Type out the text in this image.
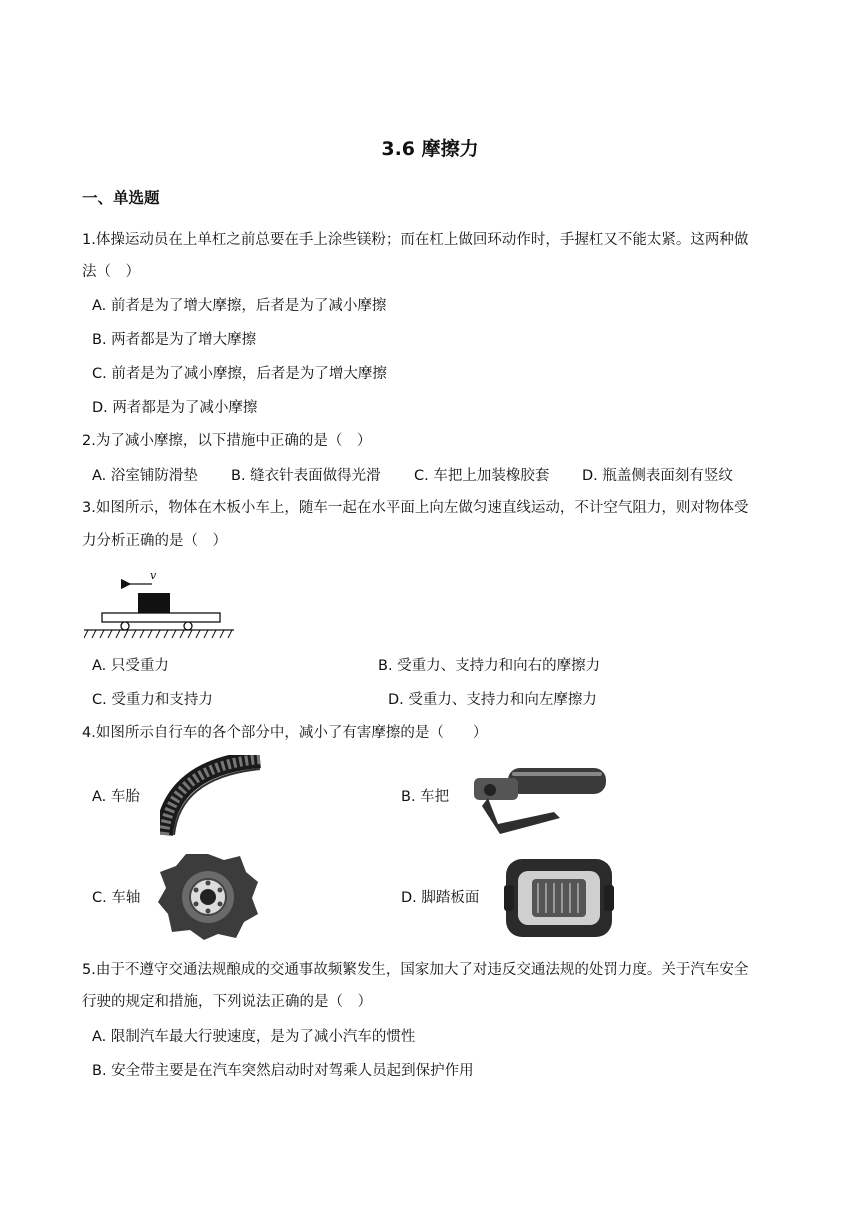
3.6 摩擦力
一、单选题
1.体操运动员在上单杠之前总要在手上涂些镁粉；而在杠上做回环动作时，手握杠又不能太紧。这两种做
法（　）
A. 前者是为了增大摩擦，后者是为了减小摩擦
B. 两者都是为了增大摩擦
C. 前者是为了减小摩擦，后者是为了增大摩擦
D. 两者都是为了减小摩擦
2.为了减小摩擦，以下措施中正确的是（　）
A. 浴室铺防滑垫 B. 缝衣针表面做得光滑 C. 车把上加装橡胶套 D. 瓶盖侧表面刻有竖纹
3.如图所示，物体在木板小车上，随车一起在水平面上向左做匀速直线运动，不计空气阻力，则对物体受
力分析正确的是（　）
v
A. 只受重力	B. 受重力、支持力和向右的摩擦力
C. 受重力和支持力	D. 受重力、支持力和向左摩擦力
4.如图所示自行车的各个部分中，减小了有害摩擦的是（　　）
A. 车胎	B. 车把
C. 车轴	D. 脚踏板面
5.由于不遵守交通法规酿成的交通事故频繁发生，国家加大了对违反交通法规的处罚力度。关于汽车安全
行驶的规定和措施，下列说法正确的是（　）
A. 限制汽车最大行驶速度，是为了减小汽车的惯性
B. 安全带主要是在汽车突然启动时对驾乘人员起到保护作用
